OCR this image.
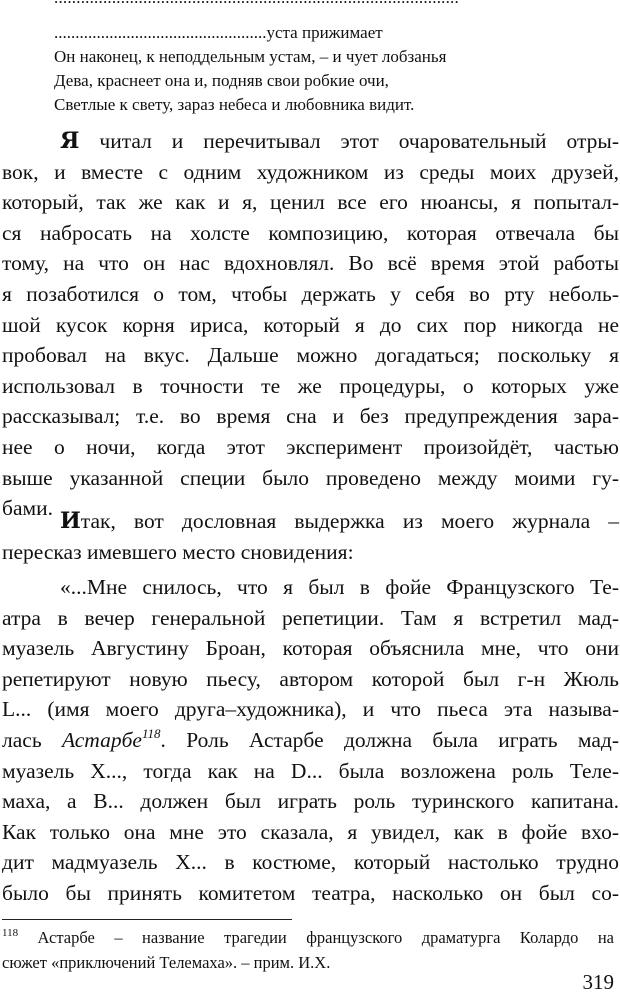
..................................................уста прижимает
Он наконец, к неподдельным устам, – и чует лобзанья
Дева, краснеет она и, подняв свои робкие очи,
Светлые к свету, зараз небеса и любовника видит.
Я читал и перечитывал этот очаровательный отры-
вок, и вместе с одним художником из среды моих друзей,
который, так же как и я, ценил все его нюансы, я попытал-
ся набросать на холсте композицию, которая отвечала бы
тому, на что он нас вдохновлял. Во всё время этой работы
я позаботился о том, чтобы держать у себя во рту неболь-
шой кусок корня ириса, который я до сих пор никогда не
пробовал на вкус. Дальше можно догадаться; поскольку я
использовал в точности те же процедуры, о которых уже
рассказывал; т.е. во время сна и без предупреждения зара-
нее о ночи, когда этот эксперимент произойдёт, частью
выше указанной специи было проведено между моими гу-
бами. Итак, вот дословная выдержка из моего журнала –
пересказ имевшего место сновидения:
«...Мне снилось, что я был в фойе Французского Те-
атра в вечер генеральной репетиции. Там я встретил мад-
муазель Августину Броан, которая объяснила мне, что они
репетируют новую пьесу, автором которой был г-н Жюль
L... (имя моего друга–художника), и что пьеса эта называ-
лась Астарбе$^{118}$. Роль Астарбе должна была играть мад-
муазель X..., тогда как на D... была возложена роль Теле-
маха, а B... должен был играть роль туринского капитана.
Как только она мне это сказала, я увидел, как в фойе вхо-
дит мадмуазель X... в костюме, который настолько трудно
было бы принять комитетом театра, насколько он был со-
$^{118}$ Астарбе – название трагедии французского драматурга Колардо на
сюжет «приключений Телемаха». – прим. И.Х.
319
